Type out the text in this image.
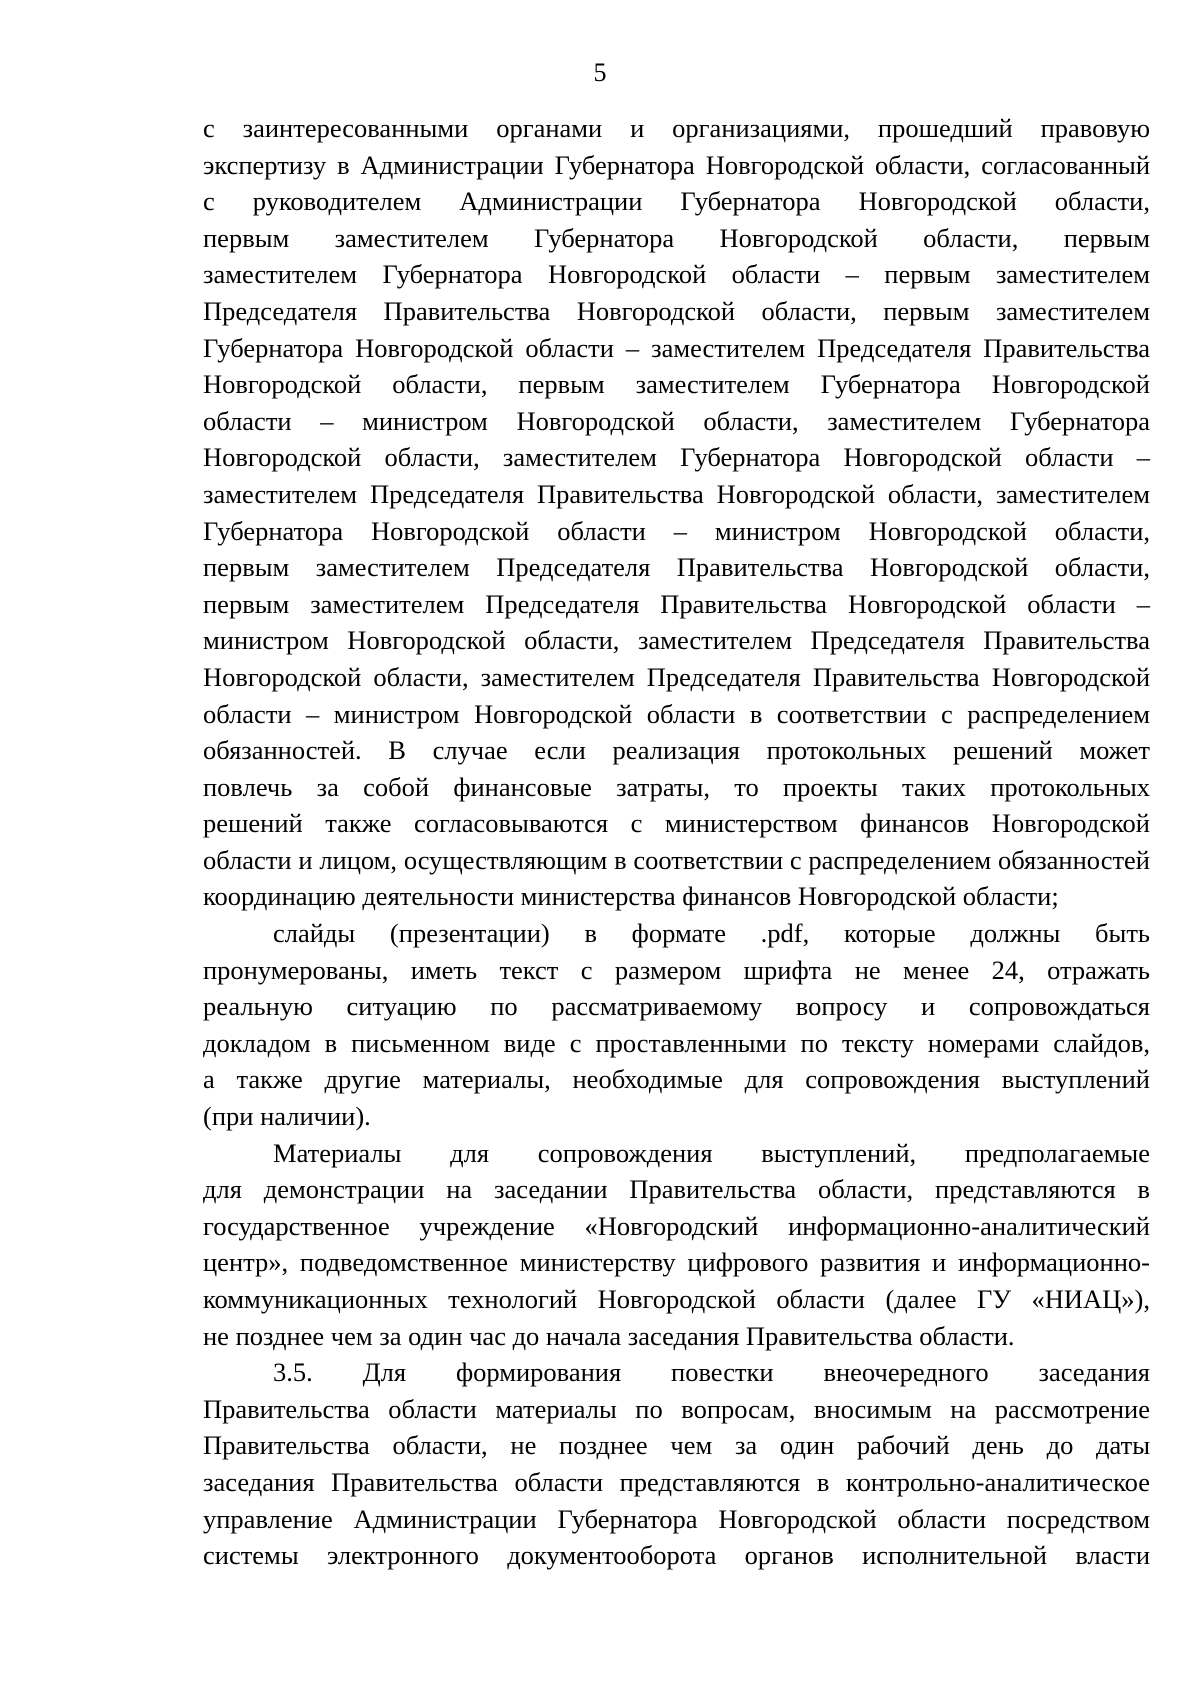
5
с заинтересованными органами и организациями, прошедший правовую
экспертизу в Администрации Губернатора Новгородской области, согласованный
с руководителем Администрации Губернатора Новгородской области,
первым заместителем Губернатора Новгородской области, первым
заместителем Губернатора Новгородской области – первым заместителем
Председателя Правительства Новгородской области, первым заместителем
Губернатора Новгородской области – заместителем Председателя Правительства
Новгородской области, первым заместителем Губернатора Новгородской
области – министром Новгородской области, заместителем Губернатора
Новгородской области, заместителем Губернатора Новгородской области –
заместителем Председателя Правительства Новгородской области, заместителем
Губернатора Новгородской области – министром Новгородской области,
первым заместителем Председателя Правительства Новгородской области,
первым заместителем Председателя Правительства Новгородской области –
министром Новгородской области, заместителем Председателя Правительства
Новгородской области, заместителем Председателя Правительства Новгородской
области – министром Новгородской области в соответствии с распределением
обязанностей. В случае если реализация протокольных решений может
повлечь за собой финансовые затраты, то проекты таких протокольных
решений также согласовываются с министерством финансов Новгородской
области и лицом, осуществляющим в соответствии с распределением обязанностей
координацию деятельности министерства финансов Новгородской области;
слайды (презентации) в формате .pdf, которые должны быть
пронумерованы, иметь текст с размером шрифта не менее 24, отражать
реальную ситуацию по рассматриваемому вопросу и сопровождаться
докладом в письменном виде с проставленными по тексту номерами слайдов,
а также другие материалы, необходимые для сопровождения выступлений
(при наличии).
Материалы для сопровождения выступлений, предполагаемые
для демонстрации на заседании Правительства области, представляются в
государственное учреждение «Новгородский информационно-аналитический
центр», подведомственное министерству цифрового развития и информационно-
коммуникационных технологий Новгородской области (далее ГУ «НИАЦ»),
не позднее чем за один час до начала заседания Правительства области.
3.5. Для формирования повестки внеочередного заседания
Правительства области материалы по вопросам, вносимым на рассмотрение
Правительства области, не позднее чем за один рабочий день до даты
заседания Правительства области представляются в контрольно-аналитическое
управление Администрации Губернатора Новгородской области посредством
системы электронного документооборота органов исполнительной власти
